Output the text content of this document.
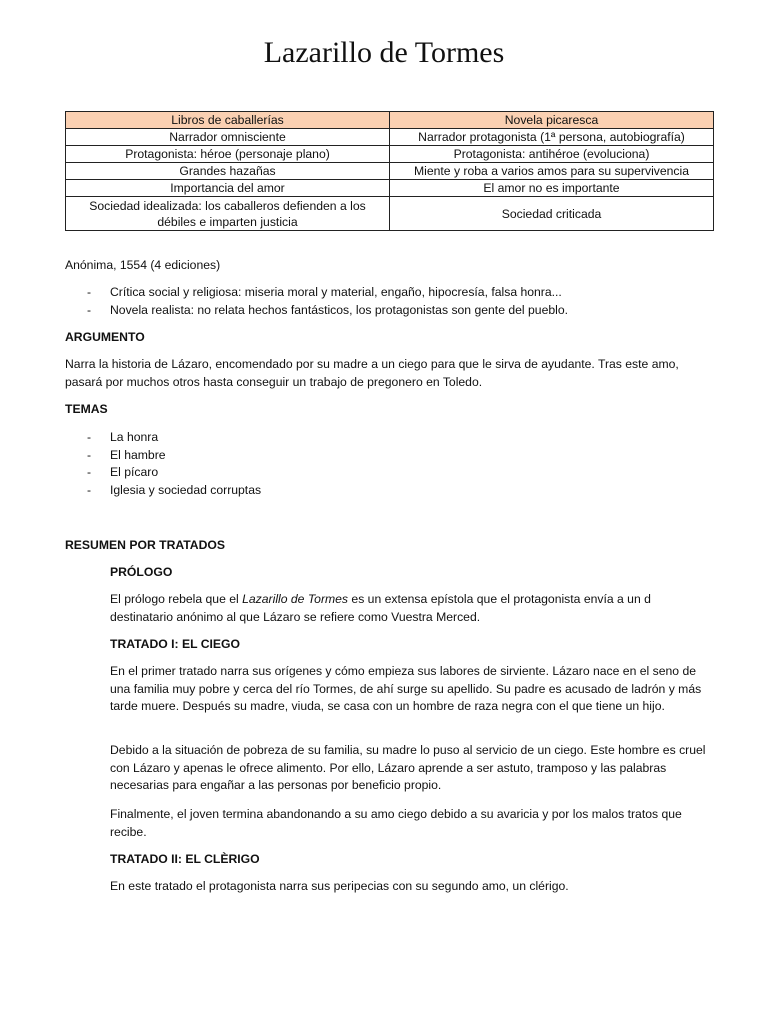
Lazarillo de Tormes
Libros de caballerías	Novela picaresca
Narrador omnisciente	Narrador protagonista (1ª persona, autobiografía)
Protagonista: héroe (personaje plano)	Protagonista: antihéroe (evoluciona)
Grandes hazañas	Miente y roba a varios amos para su supervivencia
Importancia del amor	El amor no es importante
Sociedad idealizada: los caballeros defienden a los débiles e imparten justicia	Sociedad criticada

Anónima, 1554 (4 ediciones)

- Crítica social y religiosa: miseria moral y material, engaño, hipocresía, falsa honra...
- Novela realista: no relata hechos fantásticos, los protagonistas son gente del pueblo.

ARGUMENTO

Narra la historia de Lázaro, encomendado por su madre a un ciego para que le sirva de ayudante. Tras este amo, pasará por muchos otros hasta conseguir un trabajo de pregonero en Toledo.

TEMAS

- La honra
- El hambre
- El pícaro
- Iglesia y sociedad corruptas

RESUMEN POR TRATADOS

PRÓLOGO

El prólogo rebela que el Lazarillo de Tormes es un extensa epístola que el protagonista envía a un d destinatario anónimo al que Lázaro se refiere como Vuestra Merced.

TRATADO I: EL CIEGO

En el primer tratado narra sus orígenes y cómo empieza sus labores de sirviente. Lázaro nace en el seno de una familia muy pobre y cerca del río Tormes, de ahí surge su apellido. Su padre es acusado de ladrón y más tarde muere. Después su madre, viuda, se casa con un hombre de raza negra con el que tiene un hijo.

Debido a la situación de pobreza de su familia, su madre lo puso al servicio de un ciego. Este hombre es cruel con Lázaro y apenas le ofrece alimento. Por ello, Lázaro aprende a ser astuto, tramposo y las palabras necesarias para engañar a las personas por beneficio propio.

Finalmente, el joven termina abandonando a su amo ciego debido a su avaricia y por los malos tratos que recibe.

TRATADO II: EL CLÈRIGO

En este tratado el protagonista narra sus peripecias con su segundo amo, un clérigo.
